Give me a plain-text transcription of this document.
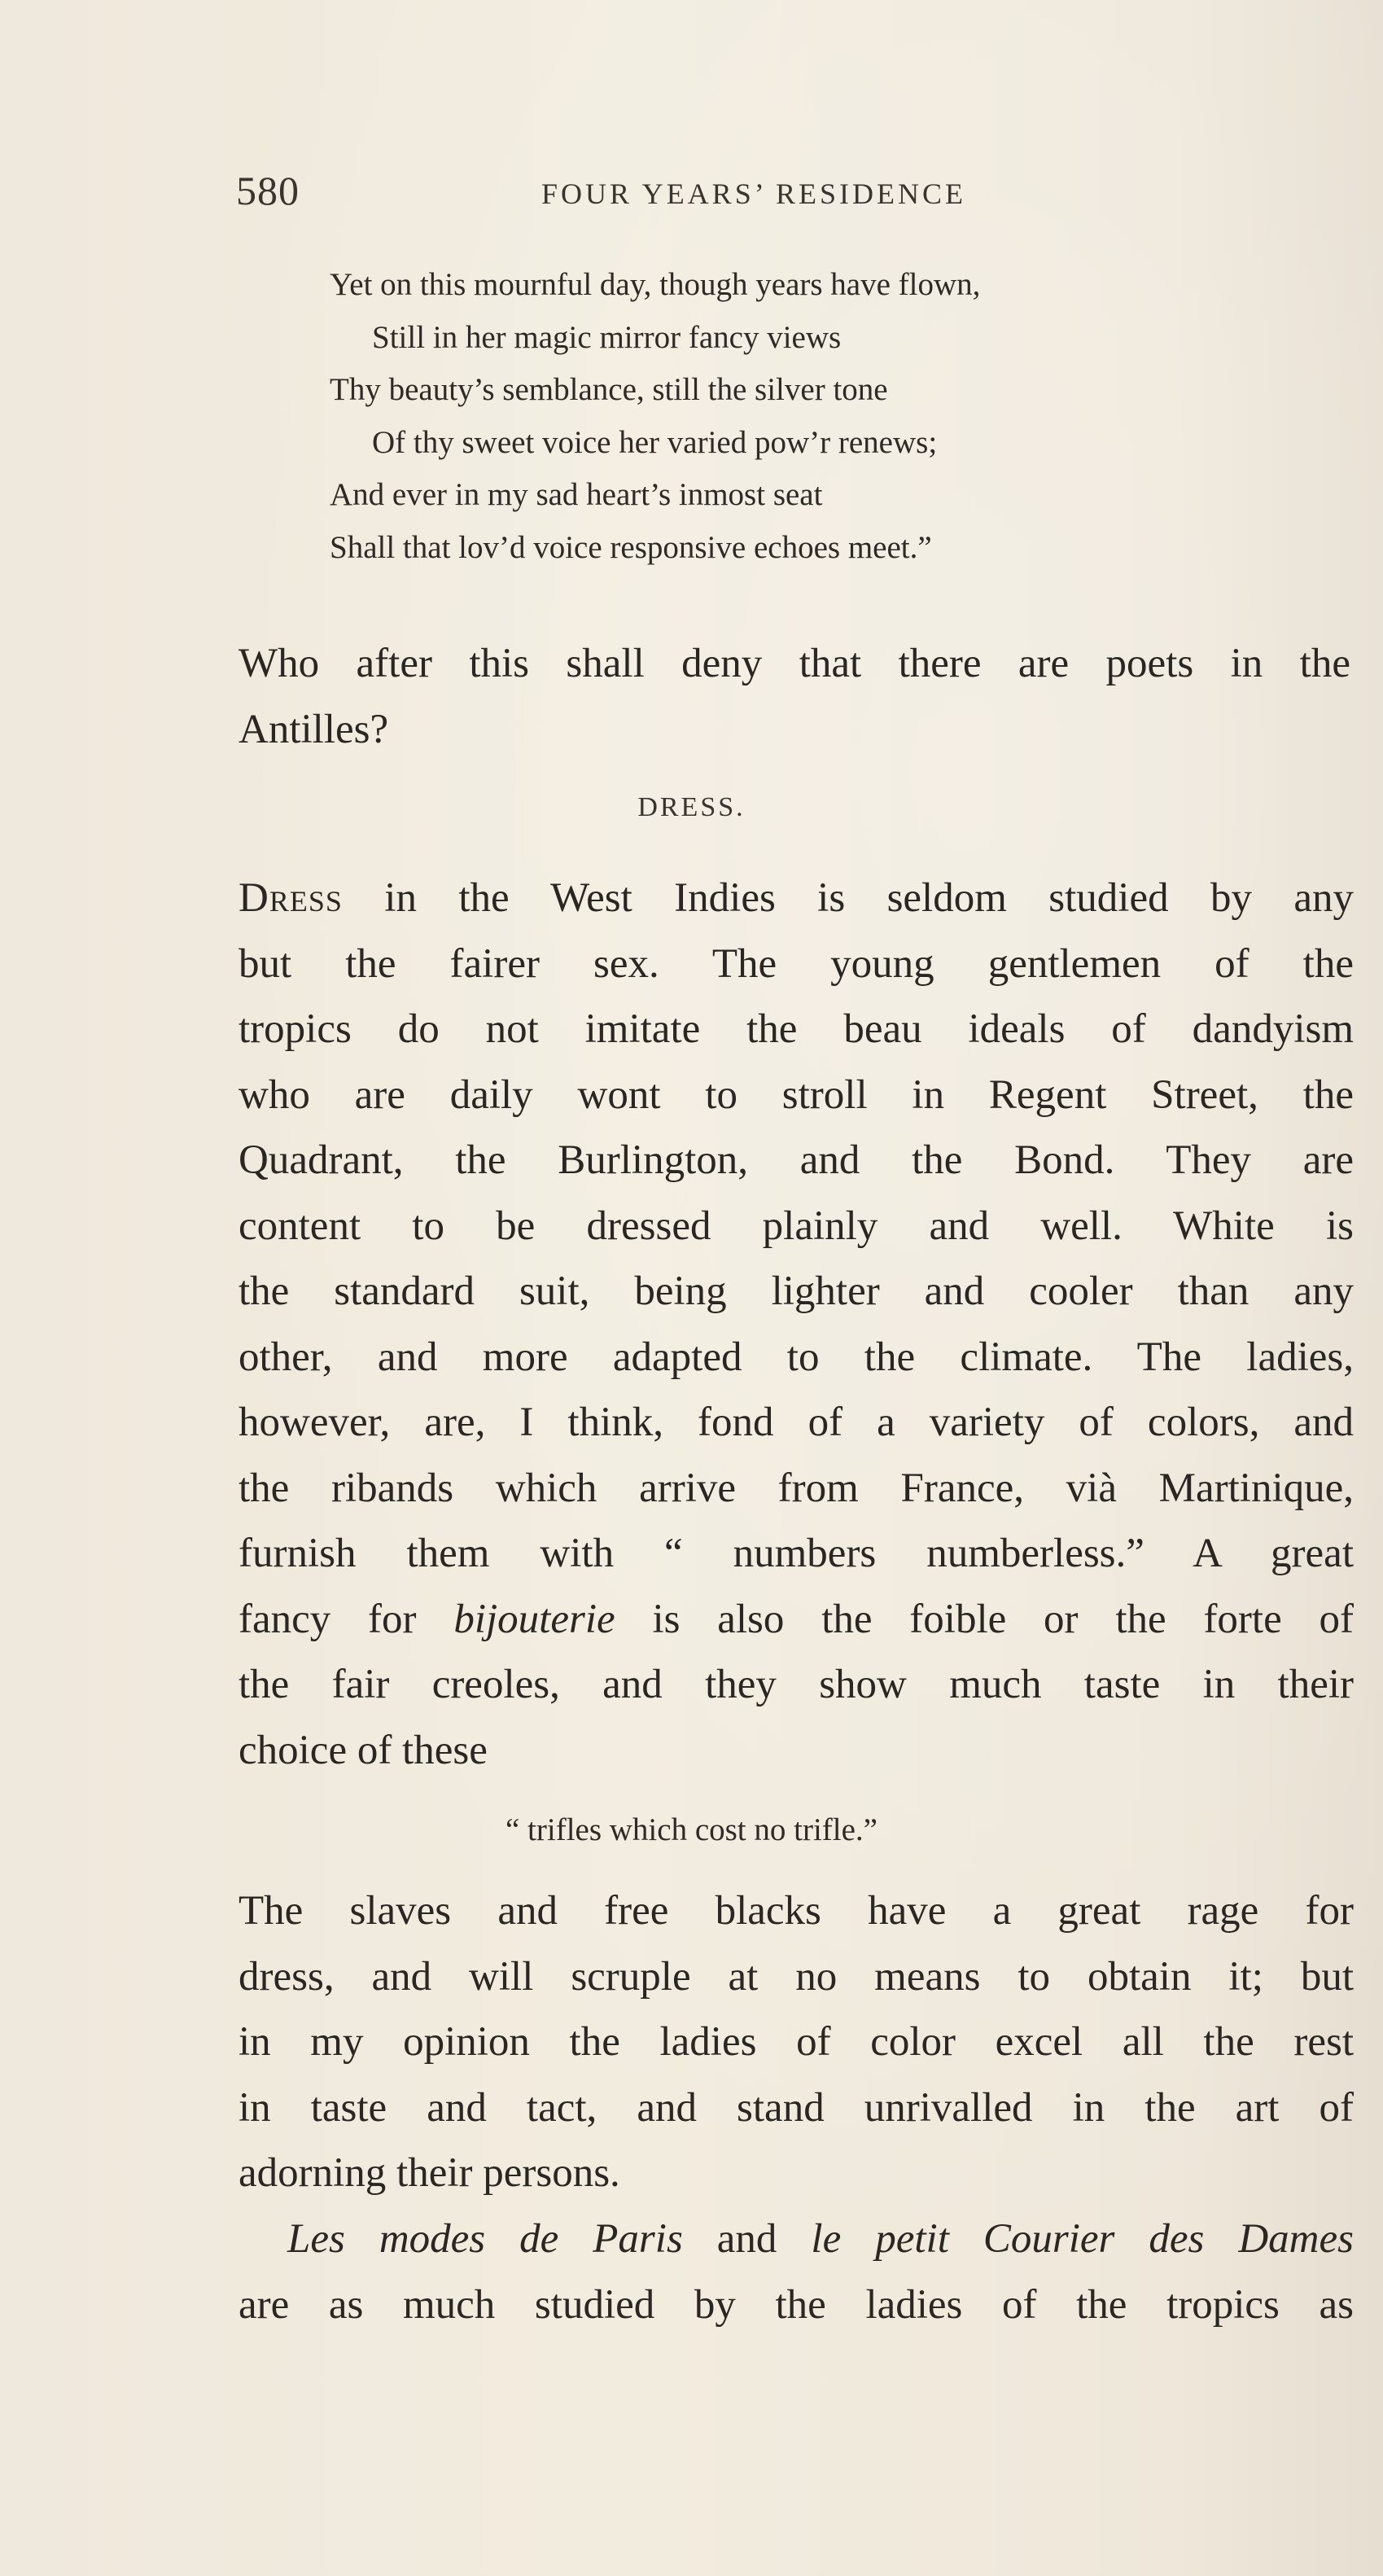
580	FOUR YEARS’ RESIDENCE
Yet on this mournful day, though years have flown,
Still in her magic mirror fancy views
Thy beauty’s semblance, still the silver tone
Of thy sweet voice her varied pow’r renews;
And ever in my sad heart’s inmost seat
Shall that lov’d voice responsive echoes meet.”
Who after this shall deny that there are poets in the
Antilles?
DRESS.
Dress in the West Indies is seldom studied by any
but the fairer sex. The young gentlemen of the
tropics do not imitate the beau ideals of dandyism
who are daily wont to stroll in Regent Street, the
Quadrant, the Burlington, and the Bond. They are
content to be dressed plainly and well. White is
the standard suit, being lighter and cooler than any
other, and more adapted to the climate. The ladies,
however, are, I think, fond of a variety of colors, and
the ribands which arrive from France, vià Martinique,
furnish them with “ numbers numberless.” A great
fancy for bijouterie is also the foible or the forte of
the fair creoles, and they show much taste in their
choice of these
“ trifles which cost no trifle.”
The slaves and free blacks have a great rage for
dress, and will scruple at no means to obtain it; but
in my opinion the ladies of color excel all the rest
in taste and tact, and stand unrivalled in the art of
adorning their persons.
Les modes de Paris and le petit Courier des Dames
are as much studied by the ladies of the tropics as
